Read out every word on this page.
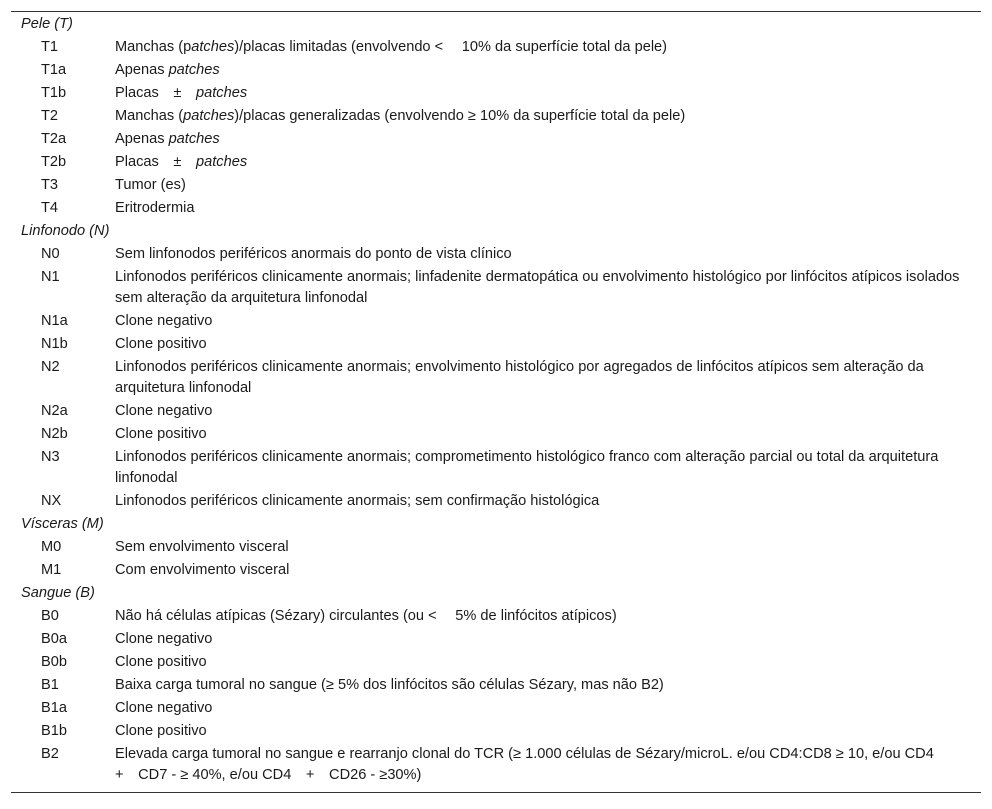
Pele (T)
T1	Manchas (patches)/placas limitadas (envolvendo <  10% da superfície total da pele)
T1a	Apenas patches
T1b	Placas ± patches
T2	Manchas (patches)/placas generalizadas (envolvendo ≥ 10% da superfície total da pele)
T2a	Apenas patches
T2b	Placas ± patches
T3	Tumor (es)
T4	Eritrodermia
Linfonodo (N)
N0	Sem linfonodos periféricos anormais do ponto de vista clínico
N1	Linfonodos periféricos clinicamente anormais; linfadenite dermatopática ou envolvimento histológico por linfócitos atípicos isolados sem alteração da arquitetura linfonodal
N1a	Clone negativo
N1b	Clone positivo
N2	Linfonodos periféricos clinicamente anormais; envolvimento histológico por agregados de linfócitos atípicos sem alteração da arquitetura linfonodal
N2a	Clone negativo
N2b	Clone positivo
N3	Linfonodos periféricos clinicamente anormais; comprometimento histológico franco com alteração parcial ou total da arquitetura linfonodal
NX	Linfonodos periféricos clinicamente anormais; sem confirmação histológica
Vísceras (M)
M0	Sem envolvimento visceral
M1	Com envolvimento visceral
Sangue (B)
B0	Não há células atípicas (Sézary) circulantes (ou <  5% de linfócitos atípicos)
B0a	Clone negativo
B0b	Clone positivo
B1	Baixa carga tumoral no sangue (≥ 5% dos linfócitos são células Sézary, mas não B2)
B1a	Clone negativo
B1b	Clone positivo
B2	Elevada carga tumoral no sangue e rearranjo clonal do TCR (≥ 1.000 células de Sézary/microL. e/ou CD4:CD8 ≥ 10, e/ou CD4 + CD7 - ≥ 40%, e/ou CD4 + CD26 - ≥30%)
